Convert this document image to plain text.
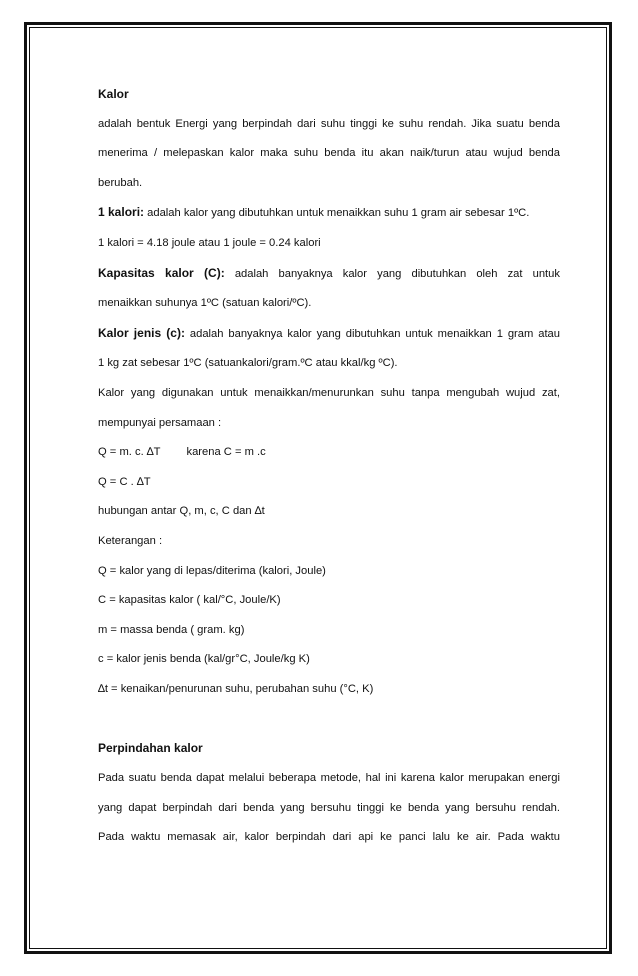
Kalor

adalah bentuk Energi yang berpindah dari suhu tinggi ke suhu rendah. Jika suatu benda

menerima / melepaskan kalor maka suhu benda itu akan naik/turun atau wujud benda

berubah.

1 kalori: adalah kalor yang dibutuhkan untuk menaikkan suhu 1 gram air sebesar 1ºC.

1 kalori = 4.18 joule atau 1 joule = 0.24 kalori

Kapasitas kalor (C): adalah banyaknya kalor yang dibutuhkan oleh zat untuk

menaikkan suhunya 1ºC (satuan kalori/ºC).

Kalor jenis (c): adalah banyaknya kalor yang dibutuhkan untuk menaikkan 1 gram atau

1 kg zat sebesar 1ºC (satuankalori/gram.ºC atau kkal/kg ºC).

Kalor yang digunakan untuk menaikkan/menurunkan suhu tanpa mengubah wujud zat,

mempunyai persamaan :

Q = m. c. ∆T karena C = m .c

Q = C . ∆T

hubungan antar Q, m, c, C dan ∆t

Keterangan :

Q = kalor yang di lepas/diterima (kalori, Joule)

C = kapasitas kalor ( kal/°C, Joule/K)

m = massa benda ( gram. kg)

c = kalor jenis benda (kal/gr°C, Joule/kg K)

∆t = kenaikan/penurunan suhu, perubahan suhu (°C, K)

Perpindahan kalor

Pada suatu benda dapat melalui beberapa metode, hal ini karena kalor merupakan energi

yang dapat berpindah dari benda yang bersuhu tinggi ke benda yang bersuhu rendah.

Pada waktu memasak air, kalor berpindah dari api ke panci lalu ke air. Pada waktu
